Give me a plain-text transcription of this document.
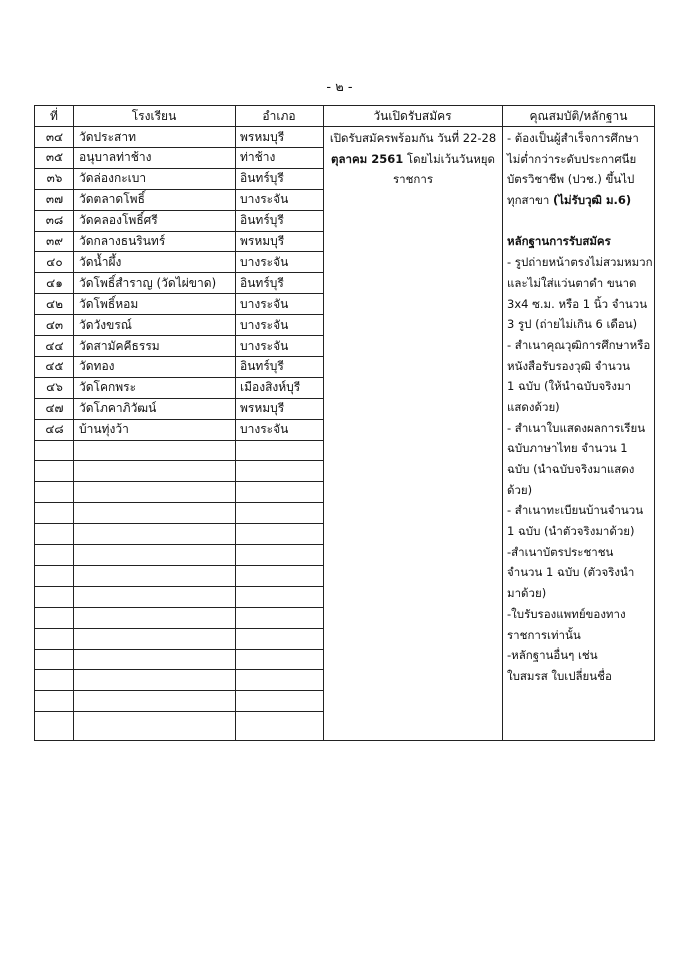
- ๒ -
ที่	โรงเรียน	อำเภอ	วันเปิดรับสมัคร	คุณสมบัติ/หลักฐาน
๓๔	วัดประสาท	พรหมบุรี
๓๕	อนุบาลท่าช้าง	ท่าช้าง
๓๖	วัดล่องกะเบา	อินทร์บุรี
๓๗	วัดตลาดโพธิ์	บางระจัน
๓๘	วัดคลองโพธิ์ศรี	อินทร์บุรี
๓๙	วัดกลางธนรินทร์	พรหมบุรี
๔๐	วัดน้ำผึ้ง	บางระจัน
๔๑	วัดโพธิ์สำราญ (วัดไผ่ขาด)	อินทร์บุรี
๔๒	วัดโพธิ์หอม	บางระจัน
๔๓	วัดวังขรณ์	บางระจัน
๔๔	วัดสามัคคีธรรม	บางระจัน
๔๕	วัดทอง	อินทร์บุรี
๔๖	วัดโคกพระ	เมืองสิงห์บุรี
๔๗	วัดโภคาภิวัฒน์	พรหมบุรี
๔๘	บ้านทุ่งว้า	บางระจัน
เปิดรับสมัครพร้อมกัน วันที่ 22-28
ตุลาคม 2561 โดยไม่เว้นวันหยุด
ราชการ
- ต้องเป็นผู้สำเร็จการศึกษา
ไม่ต่ำกว่าระดับประกาศนีย
บัตรวิชาชีพ (ปวช.) ขึ้นไป
ทุกสาขา (ไม่รับวุฒิ ม.6)
หลักฐานการรับสมัคร
- รูปถ่ายหน้าตรงไม่สวมหมวก
และไม่ใส่แว่นตาดำ ขนาด
3x4 ซ.ม. หรือ 1 นิ้ว จำนวน
3 รูป (ถ่ายไม่เกิน 6 เดือน)
- สำเนาคุณวุฒิการศึกษาหรือ
หนังสือรับรองวุฒิ จำนวน
1 ฉบับ (ให้นำฉบับจริงมา
แสดงด้วย)
- สำเนาใบแสดงผลการเรียน
ฉบับภาษาไทย จำนวน 1
ฉบับ (นำฉบับจริงมาแสดง
ด้วย)
- สำเนาทะเบียนบ้านจำนวน
1 ฉบับ (นำตัวจริงมาด้วย)
-สำเนาบัตรประชาชน
จำนวน 1 ฉบับ (ตัวจริงนำ
มาด้วย)
-ใบรับรองแพทย์ของทาง
ราชการเท่านั้น
-หลักฐานอื่นๆ เช่น
ใบสมรส ใบเปลี่ยนชื่อ
